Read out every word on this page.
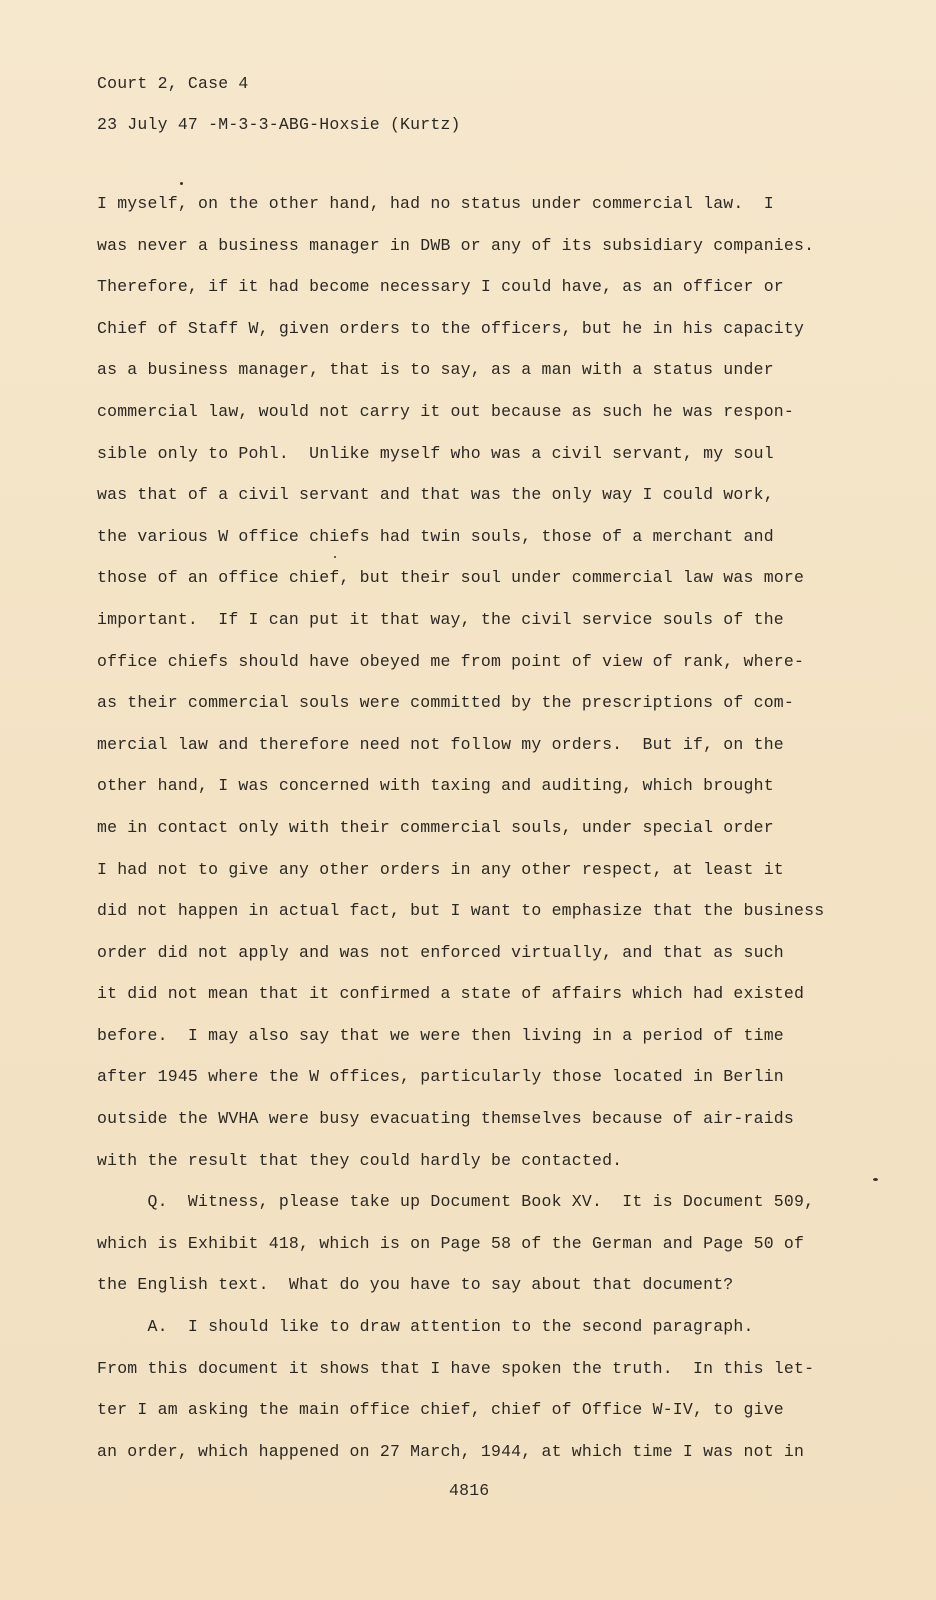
Court 2, Case 4
23 July 47 -M-3-3-ABG-Hoxsie (Kurtz)
I myself, on the other hand, had no status under commercial law.  I
was never a business manager in DWB or any of its subsidiary companies.
Therefore, if it had become necessary I could have, as an officer or
Chief of Staff W, given orders to the officers, but he in his capacity
as a business manager, that is to say, as a man with a status under
commercial law, would not carry it out because as such he was respon-
sible only to Pohl.  Unlike myself who was a civil servant, my soul
was that of a civil servant and that was the only way I could work,
the various W office chiefs had twin souls, those of a merchant and
those of an office chief, but their soul under commercial law was more
important.  If I can put it that way, the civil service souls of the
office chiefs should have obeyed me from point of view of rank, where-
as their commercial souls were committed by the prescriptions of com-
mercial law and therefore need not follow my orders.  But if, on the
other hand, I was concerned with taxing and auditing, which brought
me in contact only with their commercial souls, under special order
I had not to give any other orders in any other respect, at least it
did not happen in actual fact, but I want to emphasize that the business
order did not apply and was not enforced virtually, and that as such
it did not mean that it confirmed a state of affairs which had existed
before.  I may also say that we were then living in a period of time
after 1945 where the W offices, particularly those located in Berlin
outside the WVHA were busy evacuating themselves because of air-raids
with the result that they could hardly be contacted.
Q.  Witness, please take up Document Book XV.  It is Document 509,
which is Exhibit 418, which is on Page 58 of the German and Page 50 of
the English text.  What do you have to say about that document?
A.  I should like to draw attention to the second paragraph.
From this document it shows that I have spoken the truth.  In this let-
ter I am asking the main office chief, chief of Office W-IV, to give
an order, which happened on 27 March, 1944, at which time I was not in
4816
